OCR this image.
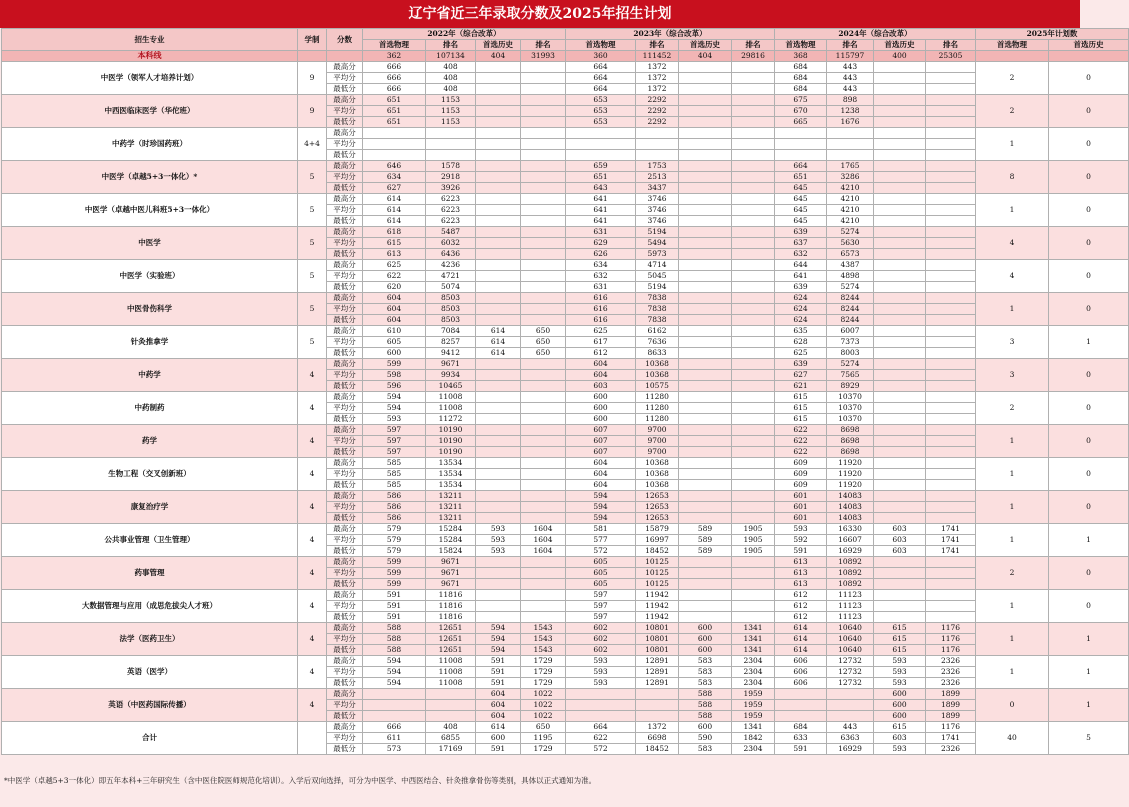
辽宁省近三年录取分数及2025年招生计划
招生专业	学制	分数	2022年（综合改革）				2023年（综合改革）				2024年（综合改革）				2025年计划数	
			首选物理	排名	首选历史	排名	首选物理	排名	首选历史	排名	首选物理	排名	首选历史	排名	首选物理	首选历史
本科线			362	107134	404	31993	360	111452	404	29816	368	115797	400	25305		
中医学（领军人才培养计划）	9	最高分	666	408			664	1372			684	443			2	0
		平均分	666	408			664	1372			684	443				
		最低分	666	408			664	1372			684	443				
中西医临床医学（华佗班）	9	最高分	651	1153			653	2292			675	898			2	0
		平均分	651	1153			653	2292			670	1238				
		最低分	651	1153			653	2292			665	1676				
中药学（时珍国药班）	4+4	最高分													1	0
		平均分														
		最低分														
中医学（卓越5+3一体化）*	5	最高分	646	1578			659	1753			664	1765			8	0
		平均分	634	2918			651	2513			651	3286				
		最低分	627	3926			643	3437			645	4210				
中医学（卓越中医儿科班5+3一体化）	5	最高分	614	6223			641	3746			645	4210			1	0
		平均分	614	6223			641	3746			645	4210				
		最低分	614	6223			641	3746			645	4210				
中医学	5	最高分	618	5487			631	5194			639	5274			4	0
		平均分	615	6032			629	5494			637	5630				
		最低分	613	6436			626	5973			632	6573				
中医学（实验班）	5	最高分	625	4236			634	4714			644	4387			4	0
		平均分	622	4721			632	5045			641	4898				
		最低分	620	5074			631	5194			639	5274				
中医骨伤科学	5	最高分	604	8503			616	7838			624	8244			1	0
		平均分	604	8503			616	7838			624	8244				
		最低分	604	8503			616	7838			624	8244				
针灸推拿学	5	最高分	610	7084	614	650	625	6162			635	6007			3	1
		平均分	605	8257	614	650	617	7636			628	7373				
		最低分	600	9412	614	650	612	8633			625	8003				
中药学	4	最高分	599	9671			604	10368			639	5274			3	0
		平均分	598	9934			604	10368			627	7565				
		最低分	596	10465			603	10575			621	8929				
中药制药	4	最高分	594	11008			600	11280			615	10370			2	0
		平均分	594	11008			600	11280			615	10370				
		最低分	593	11272			600	11280			615	10370				
药学	4	最高分	597	10190			607	9700			622	8698			1	0
		平均分	597	10190			607	9700			622	8698				
		最低分	597	10190			607	9700			622	8698				
生物工程（交叉创新班）	4	最高分	585	13534			604	10368			609	11920			1	0
		平均分	585	13534			604	10368			609	11920				
		最低分	585	13534			604	10368			609	11920				
康复治疗学	4	最高分	586	13211			594	12653			601	14083			1	0
		平均分	586	13211			594	12653			601	14083				
		最低分	586	13211			594	12653			601	14083				
公共事业管理（卫生管理）	4	最高分	579	15284	593	1604	581	15879	589	1905	593	16330	603	1741	1	1
		平均分	579	15284	593	1604	577	16997	589	1905	592	16607	603	1741		
		最低分	579	15824	593	1604	572	18452	589	1905	591	16929	603	1741		
药事管理	4	最高分	599	9671			605	10125			613	10892			2	0
		平均分	599	9671			605	10125			613	10892				
		最低分	599	9671			605	10125			613	10892				
大数据管理与应用（成思危拔尖人才班）	4	最高分	591	11816			597	11942			612	11123			1	0
		平均分	591	11816			597	11942			612	11123				
		最低分	591	11816			597	11942			612	11123				
法学（医药卫生）	4	最高分	588	12651	594	1543	602	10801	600	1341	614	10640	615	1176	1	1
		平均分	588	12651	594	1543	602	10801	600	1341	614	10640	615	1176		
		最低分	588	12651	594	1543	602	10801	600	1341	614	10640	615	1176		
英语（医学）	4	最高分	594	11008	591	1729	593	12891	583	2304	606	12732	593	2326	1	1
		平均分	594	11008	591	1729	593	12891	583	2304	606	12732	593	2326		
		最低分	594	11008	591	1729	593	12891	583	2304	606	12732	593	2326		
英语（中医药国际传播）	4	最高分			604	1022			588	1959			600	1899	0	1
		平均分			604	1022			588	1959			600	1899		
		最低分			604	1022			588	1959			600	1899		
合计		最高分	666	408	614	650	664	1372	600	1341	684	443	615	1176	40	5
		平均分	611	6855	600	1195	622	6698	590	1842	633	6363	603	1741		
		最低分	573	17169	591	1729	572	18452	583	2304	591	16929	593	2326		
*中医学（卓越5+3一体化）即五年本科+三年研究生（含中医住院医师规范化培训）。入学后双向选择，可分为中医学、中西医结合、针灸推拿骨伤等类别，具体以正式通知为准。
